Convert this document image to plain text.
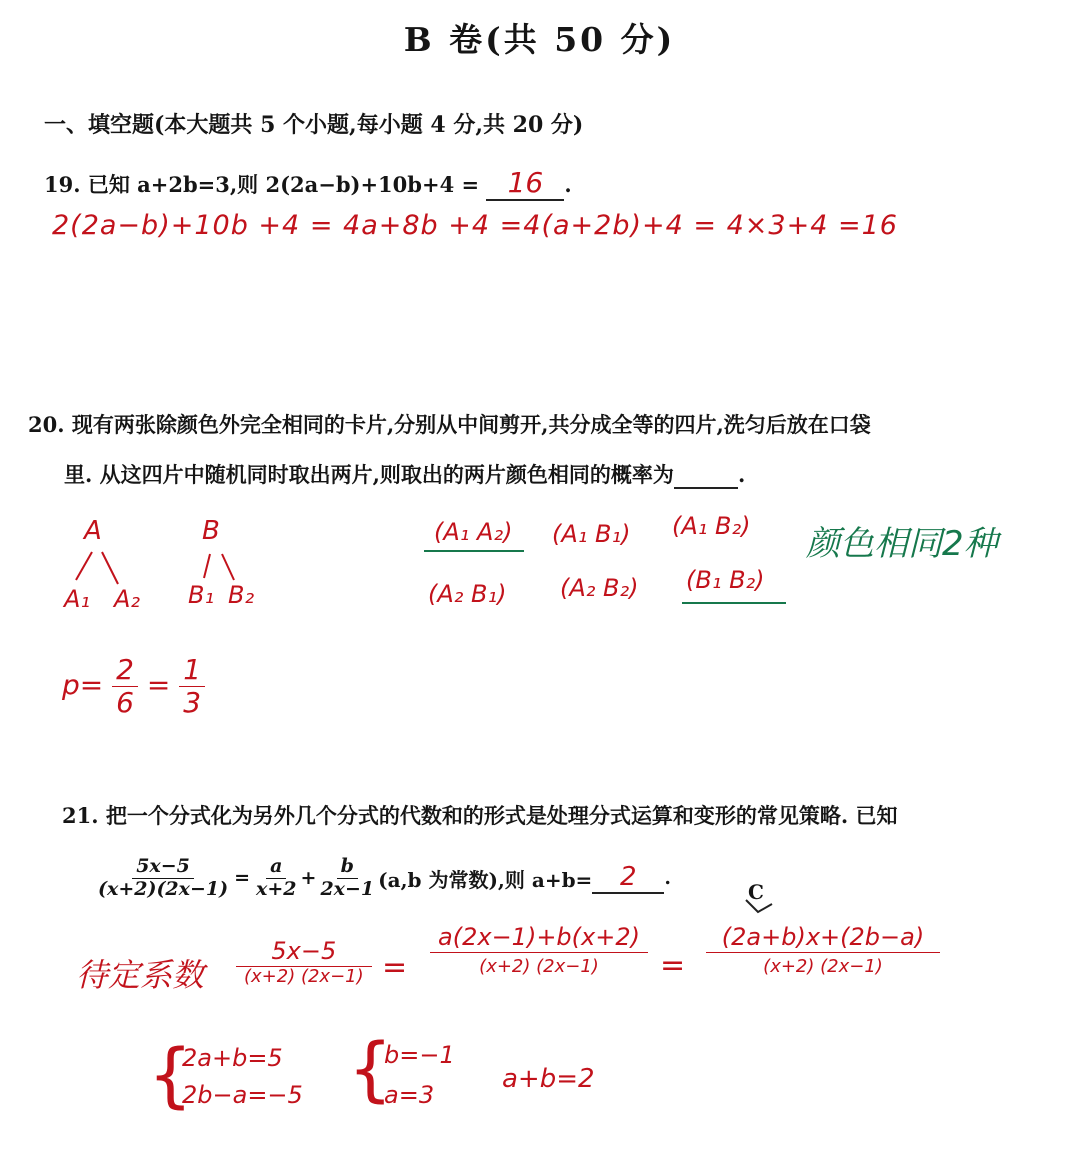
B 卷(共 50 分)
一、填空题(本大题共 5 个小题,每小题 4 分,共 20 分)
19. 已知 a+2b=3,则 2(2a−b)+10b+4 = 16 .
2(2a−b)+10b +4 = 4a+8b +4 =4(a+2b)+4 = 4×3+4 =16
20. 现有两张除颜色外完全相同的卡片,分别从中间剪开,共分成全等的四片,洗匀后放在口袋
里. 从这四片中随机同时取出两片,则取出的两片颜色相同的概率为	.
A	B
A₁ A₂ B₁ B₂
(A₁ A₂) (A₁ B₁) (A₁ B₂)
(A₂ B₁) (A₂ B₂) (B₁ B₂)
颜色相同2种
$p= \frac{2}{6} = \frac{1}{3}$
21. 把一个分式化为另外几个分式的代数和的形式是处理分式运算和变形的常见策略. 已知
$\frac{5x-5}{(x+2)(2x-1)} = \frac{a}{x+2} + \frac{b}{2x-1} (a,b$ 为常数),则 a+b=	2	.
C
待定系数 $\frac{5x-5}{(x+2) (2x-1)} = \frac{a(2x-1)+b(x+2)}{(x+2) (2x-1)} = \frac{(2a+b)x+(2b-a)}{(x+2) (2x-1)}$
{
2a+b=5
2b−a=−5 {
b=−1
a=3
a+b=2
